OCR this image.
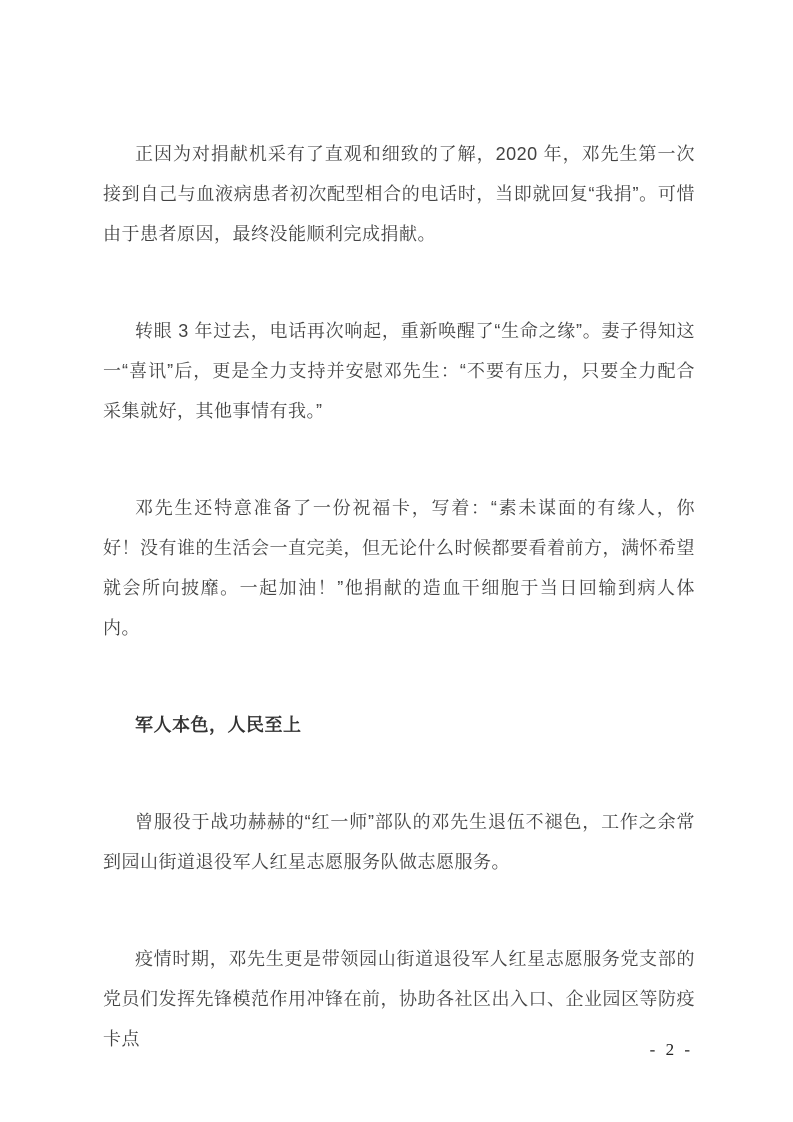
正因为对捐献机采有了直观和细致的了解，2020 年，邓先生第一次接到自己与血液病患者初次配型相合的电话时，当即就回复“我捐”。可惜由于患者原因，最终没能顺利完成捐献。

转眼 3 年过去，电话再次响起，重新唤醒了“生命之缘”。妻子得知这一“喜讯”后，更是全力支持并安慰邓先生：“不要有压力，只要全力配合采集就好，其他事情有我。”

邓先生还特意准备了一份祝福卡，写着：“素未谋面的有缘人，你好！没有谁的生活会一直完美，但无论什么时候都要看着前方，满怀希望就会所向披靡。一起加油！”他捐献的造血干细胞于当日回输到病人体内。

军人本色，人民至上

曾服役于战功赫赫的“红一师”部队的邓先生退伍不褪色，工作之余常到园山街道退役军人红星志愿服务队做志愿服务。

疫情时期，邓先生更是带领园山街道退役军人红星志愿服务党支部的党员们发挥先锋模范作用冲锋在前，协助各社区出入口、企业园区等防疫卡点

- 2 -
